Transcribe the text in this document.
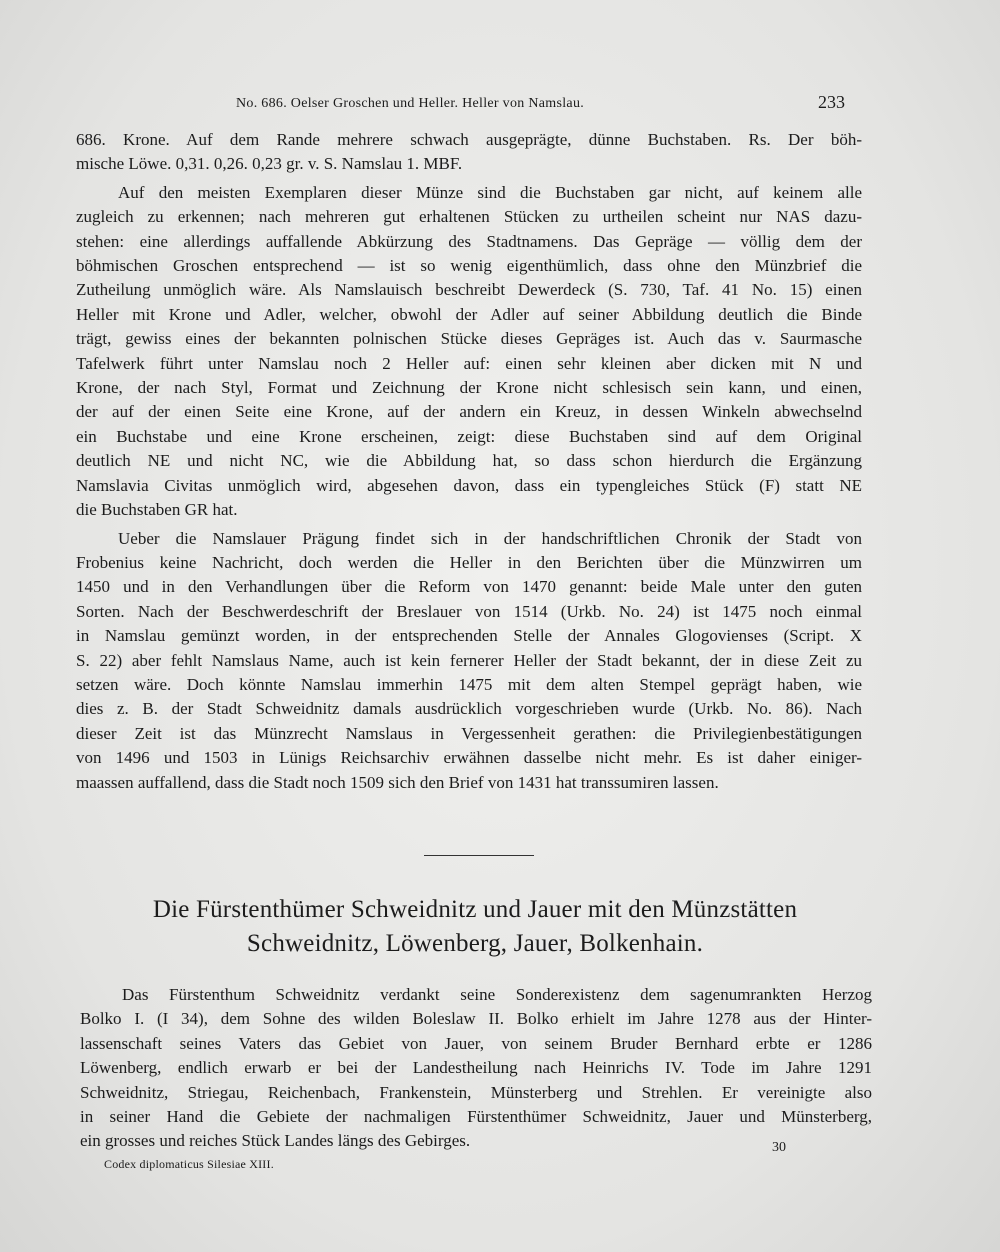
No. 686. Oelser Groschen und Heller. Heller von Namslau.	233

686. Krone. Auf dem Rande mehrere schwach ausgeprägte, dünne Buchstaben. Rs. Der böh-
mische Löwe. 0,31. 0,26. 0,23 gr. v. S. Namslau 1. MBF.

Auf den meisten Exemplaren dieser Münze sind die Buchstaben gar nicht, auf keinem alle
zugleich zu erkennen; nach mehreren gut erhaltenen Stücken zu urtheilen scheint nur NAS dazu-
stehen: eine allerdings auffallende Abkürzung des Stadtnamens. Das Gepräge — völlig dem der
böhmischen Groschen entsprechend — ist so wenig eigenthümlich, dass ohne den Münzbrief die
Zutheilung unmöglich wäre. Als Namslauisch beschreibt Dewerdeck (S. 730, Taf. 41 No. 15) einen
Heller mit Krone und Adler, welcher, obwohl der Adler auf seiner Abbildung deutlich die Binde
trägt, gewiss eines der bekannten polnischen Stücke dieses Gepräges ist. Auch das v. Saurmasche
Tafelwerk führt unter Namslau noch 2 Heller auf: einen sehr kleinen aber dicken mit N und
Krone, der nach Styl, Format und Zeichnung der Krone nicht schlesisch sein kann, und einen,
der auf der einen Seite eine Krone, auf der andern ein Kreuz, in dessen Winkeln abwechselnd
ein Buchstabe und eine Krone erscheinen, zeigt: diese Buchstaben sind auf dem Original
deutlich NE und nicht NC, wie die Abbildung hat, so dass schon hierdurch die Ergänzung
Namslavia Civitas unmöglich wird, abgesehen davon, dass ein typengleiches Stück (F) statt NE
die Buchstaben GR hat.

Ueber die Namslauer Prägung findet sich in der handschriftlichen Chronik der Stadt von
Frobenius keine Nachricht, doch werden die Heller in den Berichten über die Münzwirren um
1450 und in den Verhandlungen über die Reform von 1470 genannt: beide Male unter den guten
Sorten. Nach der Beschwerdeschrift der Breslauer von 1514 (Urkb. No. 24) ist 1475 noch einmal
in Namslau gemünzt worden, in der entsprechenden Stelle der Annales Glogovienses (Script. X
S. 22) aber fehlt Namslaus Name, auch ist kein fernerer Heller der Stadt bekannt, der in diese Zeit zu
setzen wäre. Doch könnte Namslau immerhin 1475 mit dem alten Stempel geprägt haben, wie
dies z. B. der Stadt Schweidnitz damals ausdrücklich vorgeschrieben wurde (Urkb. No. 86). Nach
dieser Zeit ist das Münzrecht Namslaus in Vergessenheit gerathen: die Privilegienbestätigungen
von 1496 und 1503 in Lünigs Reichsarchiv erwähnen dasselbe nicht mehr. Es ist daher einiger-
maassen auffallend, dass die Stadt noch 1509 sich den Brief von 1431 hat transsumiren lassen.

Die Fürstenthümer Schweidnitz und Jauer mit den Münzstätten
Schweidnitz, Löwenberg, Jauer, Bolkenhain.

Das Fürstenthum Schweidnitz verdankt seine Sonderexistenz dem sagenumrankten Herzog
Bolko I. (I 34), dem Sohne des wilden Boleslaw II. Bolko erhielt im Jahre 1278 aus der Hinter-
lassenschaft seines Vaters das Gebiet von Jauer, von seinem Bruder Bernhard erbte er 1286
Löwenberg, endlich erwarb er bei der Landestheilung nach Heinrichs IV. Tode im Jahre 1291
Schweidnitz, Striegau, Reichenbach, Frankenstein, Münsterberg und Strehlen. Er vereinigte also
in seiner Hand die Gebiete der nachmaligen Fürstenthümer Schweidnitz, Jauer und Münsterberg,
ein grosses und reiches Stück Landes längs des Gebirges.	30
Codex diplomaticus Silesiae XIII.
